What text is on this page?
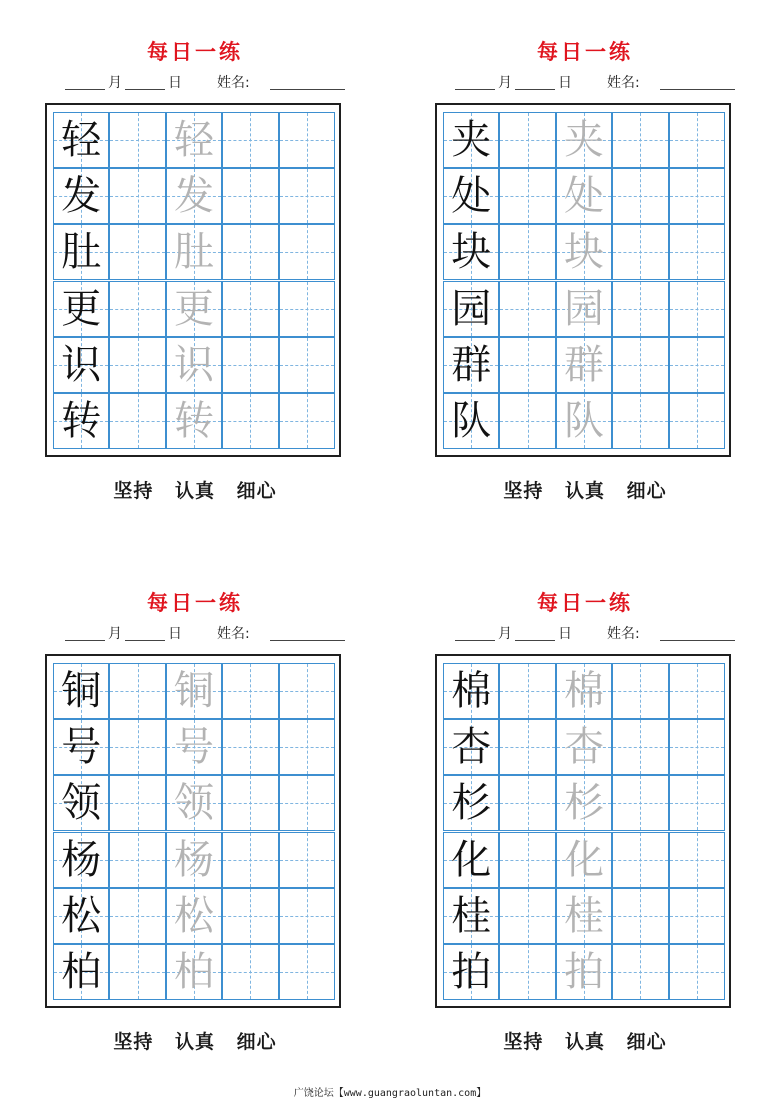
每日一练
月	日	姓名:
轻 轻
发 发
肚 肚
更 更
识 识
转 转
坚持 认真 细心
每日一练
月	日	姓名:
夹 夹
处 处
块 块
园 园
群 群
队 队
坚持 认真 细心
每日一练
月	日	姓名:
铜 铜
号 号
领 领
杨 杨
松 松
柏 柏
坚持 认真 细心
每日一练
月	日	姓名:
棉 棉
杏 杏
杉 杉
化 化
桂 桂
拍 拍
坚持 认真 细心
广饶论坛【www.guangraoluntan.com】
